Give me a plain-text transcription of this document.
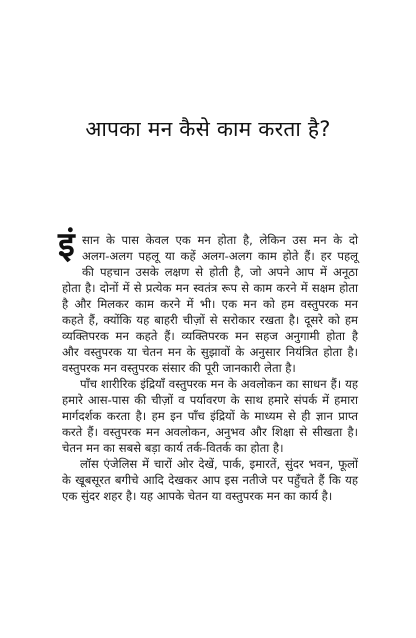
आपका मन कैसे काम करता है?
इं सान के पास केवल एक मन होता है, लेकिन उस मन के दो
अलग-अलग पहलू या कहें अलग-अलग काम होते हैं। हर पहलू
की पहचान उसके लक्षण से होती है, जो अपने आप में अनूठा
होता है। दोनों में से प्रत्येक मन स्वतंत्र रूप से काम करने में सक्षम होता
है और मिलकर काम करने में भी। एक मन को हम वस्तुपरक मन
कहते हैं, क्योंकि यह बाहरी चीज़ों से सरोकार रखता है। दूसरे को हम
व्यक्तिपरक मन कहते हैं। व्यक्तिपरक मन सहज अनुगामी होता है
और वस्तुपरक या चेतन मन के सुझावों के अनुसार नियंत्रित होता है।
वस्तुपरक मन वस्तुपरक संसार की पूरी जानकारी लेता है।
पाँच शारीरिक इंद्रियाँ वस्तुपरक मन के अवलोकन का साधन हैं। यह
हमारे आस-पास की चीज़ों व पर्यावरण के साथ हमारे संपर्क में हमारा
मार्गदर्शक करता है। हम इन पाँच इंद्रियों के माध्यम से ही ज्ञान प्राप्त
करते हैं। वस्तुपरक मन अवलोकन, अनुभव और शिक्षा से सीखता है।
चेतन मन का सबसे बड़ा कार्य तर्क-वितर्क का होता है।
लॉस एंजेलिस में चारों ओर देखें, पार्क, इमारतें, सुंदर भवन, फूलों
के खूबसूरत बगीचे आदि देखकर आप इस नतीजे पर पहुँचते हैं कि यह
एक सुंदर शहर है। यह आपके चेतन या वस्तुपरक मन का कार्य है।
